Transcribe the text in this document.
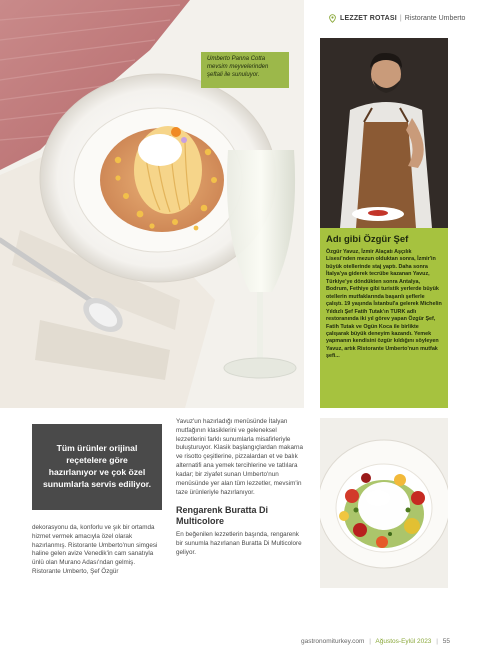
LEZZET ROTASI | Ristorante Umberto
Umberto Panna Cotta mevsim meyvelerinden şeftali ile sunuluyor.
Adı gibi Özgür Şef
Özgür Yavuz, İzmir Alaçatı Aşçılık Lisesi'nden mezun olduktan sonra, İzmir'in büyük otellerinde staj yaptı. Daha sonra İtalya'ya giderek tecrübe kazanan Yavuz, Türkiye'ye döndükten sonra Antalya, Bodrum, Fethiye gibi turistik yerlerde büyük otellerin mutfaklarında başarılı şeflerle çalıştı. 19 yaşında İstanbul'a gelerek Michelin Yıldızlı Şef Fatih Tutak'ın TURK adlı restoranında iki yıl görev yapan Özgür Şef, Fatih Tutak ve Ogün Koca ile birlikte çalışarak büyük deneyim kazandı. Yemek yapmanın kendisini özgür kıldığını söyleyen Yavuz, artık Ristorante Umberto'nun mutfak şefi...

Tüm ürünler orijinal reçetelere göre hazırlanıyor ve çok özel sunumlarla servis ediliyor.

dekorasyonu da, konforlu ve şık bir ortamda hizmet vermek amacıyla özel olarak hazırlanmış. Ristorante Umberto'nun simgesi haline gelen avize Venedik'in cam sanatıyla ünlü olan Murano Adası'ndan gelmiş. Ristorante Umberto, Şef Özgür

Yavuz'un hazırladığı menüsünde İtalyan mutfağının klasiklerini ve geleneksel lezzetlerini farklı sunumlarla misafirleriyle buluşturuyor. Klasik başlangıçlardan makarna ve risotto çeşitlerine, pizzalardan et ve balık alternatifi ana yemek tercihlerine ve tatlılara kadar; bir ziyafet sunan Umberto'nun menüsünde yer alan tüm lezzetler, mevsim'in taze ürünleriyle hazırlanıyor.

Rengarenk Buratta Di Multicolore

En beğenilen lezzetlerin başında, rengarenk bir sunumla hazırlanan Buratta Di Multicolore geliyor.

gastronomiturkey.com | Ağustos-Eylül 2023 | 55
